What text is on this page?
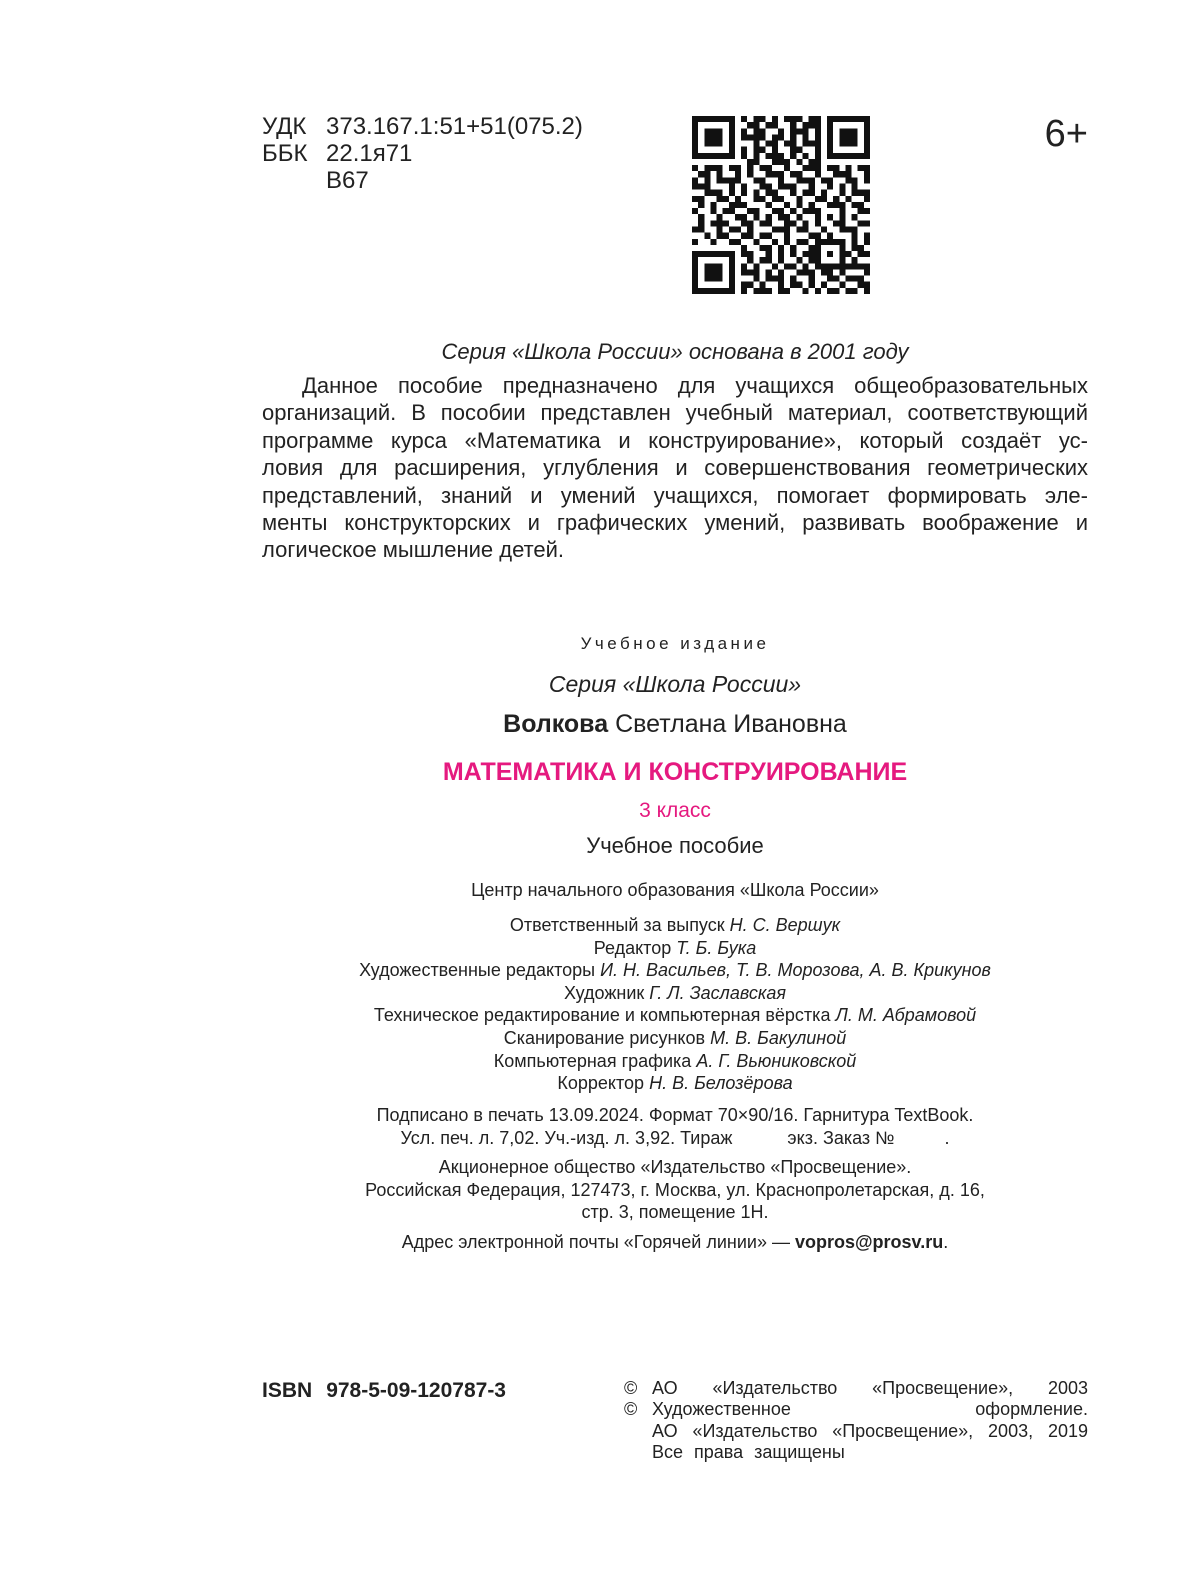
УДК 373.167.1:51+51(075.2)
ББК 22.1я71
В67
6+
Серия «Школа России» основана в 2001 году
Данное пособие предназначено для учащихся общеобразовательных
организаций. В пособии представлен учебный материал, соответствующий
программе курса «Математика и конструирование», который создаёт ус-
ловия для расширения, углубления и совершенствования геометрических
представлений, знаний и умений учащихся, помогает формировать эле-
менты конструкторских и графических умений, развивать воображение и
логическое мышление детей.
Учебное издание
Серия «Школа России»
Волкова Светлана Ивановна
МАТЕМАТИКА И КОНСТРУИРОВАНИЕ
3 класс
Учебное пособие
Центр начального образования «Школа России»
Ответственный за выпуск Н. С. Вершук
Редактор Т. Б. Бука
Художественные редакторы И. Н. Васильев, Т. В. Морозова, А. В. Крикунов
Художник Г. Л. Заславская
Техническое редактирование и компьютерная вёрстка Л. М. Абрамовой
Сканирование рисунков М. В. Бакулиной
Компьютерная графика А. Г. Вьюниковской
Корректор Н. В. Белозёрова
Подписано в печать 13.09.2024. Формат 70×90/16. Гарнитура TextBook.
Усл. печ. л. 7,02. Уч.-изд. л. 3,92. Тираж           экз. Заказ №          .
Акционерное общество «Издательство «Просвещение».
Российская Федерация, 127473, г. Москва, ул. Краснопролетарская, д. 16,
стр. 3, помещение 1Н.
Адрес электронной почты «Горячей линии» — vopros@prosv.ru.
ISBN 978-5-09-120787-3	© АО «Издательство «Просвещение», 2003
© Художественное оформление.
АО «Издательство «Просвещение», 2003, 2019
Все права защищены
